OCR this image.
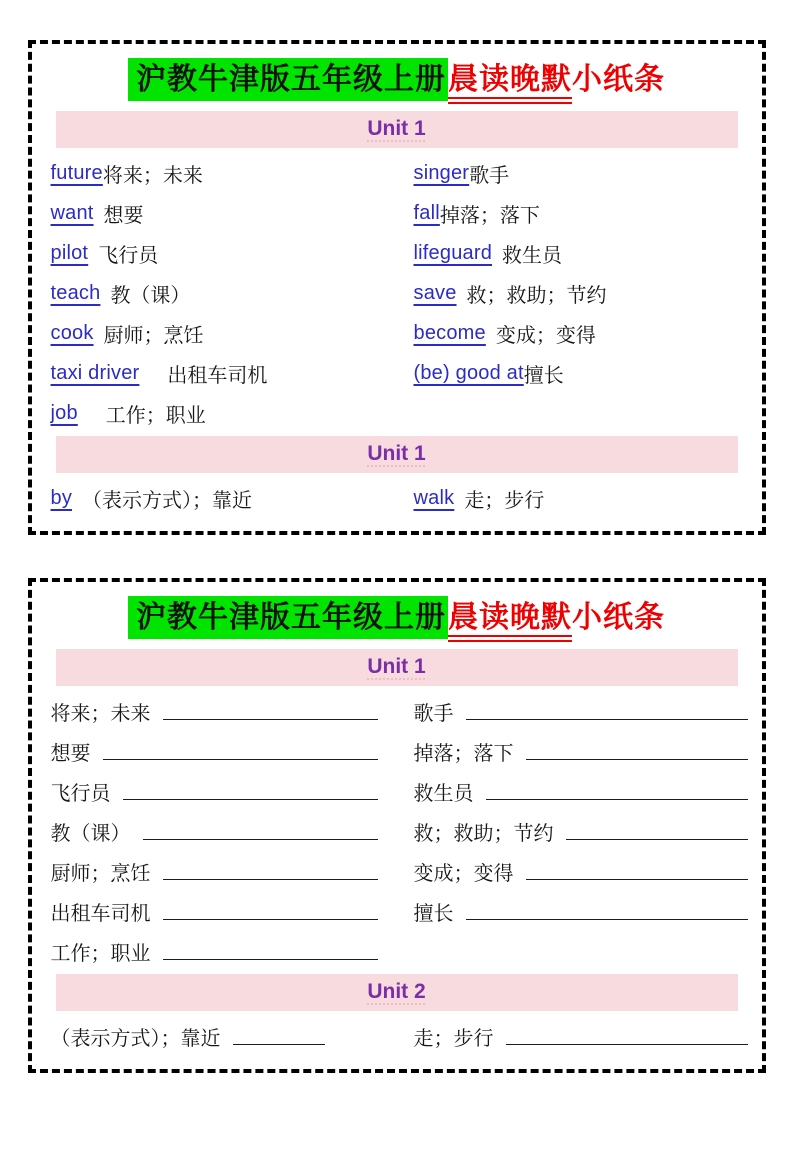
沪教牛津版五年级上册晨读晚默小纸条
Unit 1
future 将来；未来
want 想要
pilot 飞行员
teach 教（课）
cook 厨师；烹饪
taxi driver 出租车司机
job 工作；职业
singer 歌手
fall 掉落；落下
lifeguard 救生员
save 救；救助；节约
become 变成；变得
(be) good at 擅长
Unit 1
by （表示方式）；靠近	walk 走；步行
沪教牛津版五年级上册晨读晚默小纸条
Unit 1
将来；未来
想要
飞行员
教（课）
厨师；烹饪
出租车司机
工作；职业
歌手
掉落；落下
救生员
救；救助；节约
变成；变得
擅长
Unit 2
（表示方式）；靠近	走；步行
